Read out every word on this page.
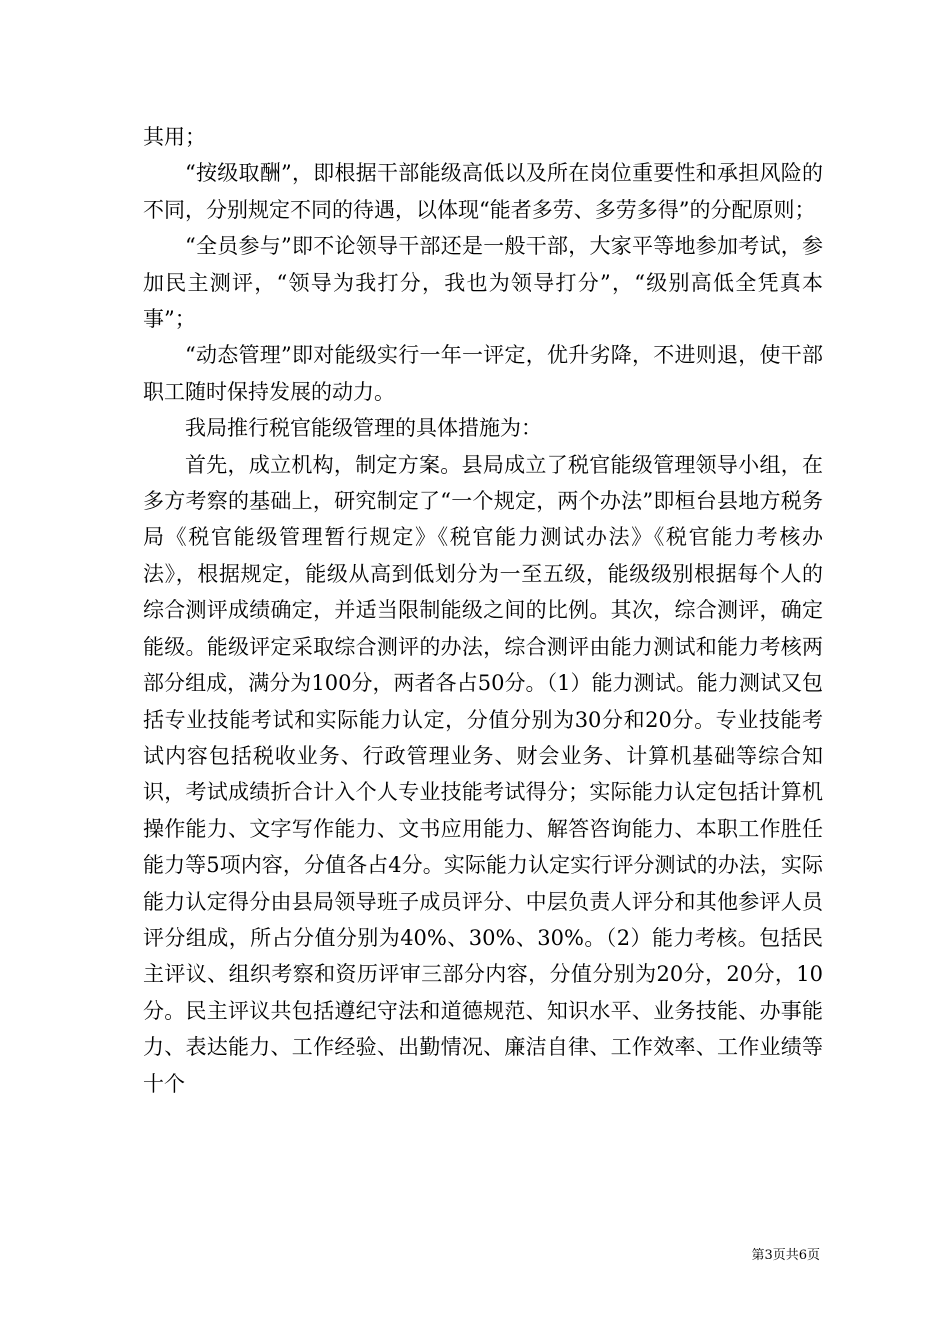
其用；

“按级取酬”，即根据干部能级高低以及所在岗位重要性和承担风险的不同，分别规定不同的待遇，以体现“能者多劳、多劳多得”的分配原则；

“全员参与”即不论领导干部还是一般干部，大家平等地参加考试，参加民主测评，“领导为我打分，我也为领导打分”，“级别高低全凭真本事”；

“动态管理”即对能级实行一年一评定，优升劣降，不进则退，使干部职工随时保持发展的动力。

我局推行税官能级管理的具体措施为：

首先，成立机构，制定方案。县局成立了税官能级管理领导小组，在多方考察的基础上，研究制定了“一个规定，两个办法”即桓台县地方税务局《税官能级管理暂行规定》《税官能力测试办法》《税官能力考核办法》，根据规定，能级从高到低划分为一至五级，能级级别根据每个人的综合测评成绩确定，并适当限制能级之间的比例。其次，综合测评，确定能级。能级评定采取综合测评的办法，综合测评由能力测试和能力考核两部分组成，满分为100分，两者各占50分。（1）能力测试。能力测试又包括专业技能考试和实际能力认定，分值分别为30分和20分。专业技能考试内容包括税收业务、行政管理业务、财会业务、计算机基础等综合知识，考试成绩折合计入个人专业技能考试得分；实际能力认定包括计算机操作能力、文字写作能力、文书应用能力、解答咨询能力、本职工作胜任能力等5项内容，分值各占4分。实际能力认定实行评分测试的办法，实际能力认定得分由县局领导班子成员评分、中层负责人评分和其他参评人员评分组成，所占分值分别为40%、30%、30%。（2）能力考核。包括民主评议、组织考察和资历评审三部分内容，分值分别为20分，20分，10分。民主评议共包括遵纪守法和道德规范、知识水平、业务技能、办事能力、表达能力、工作经验、出勤情况、廉洁自律、工作效率、工作业绩等十个

第3页共6页
